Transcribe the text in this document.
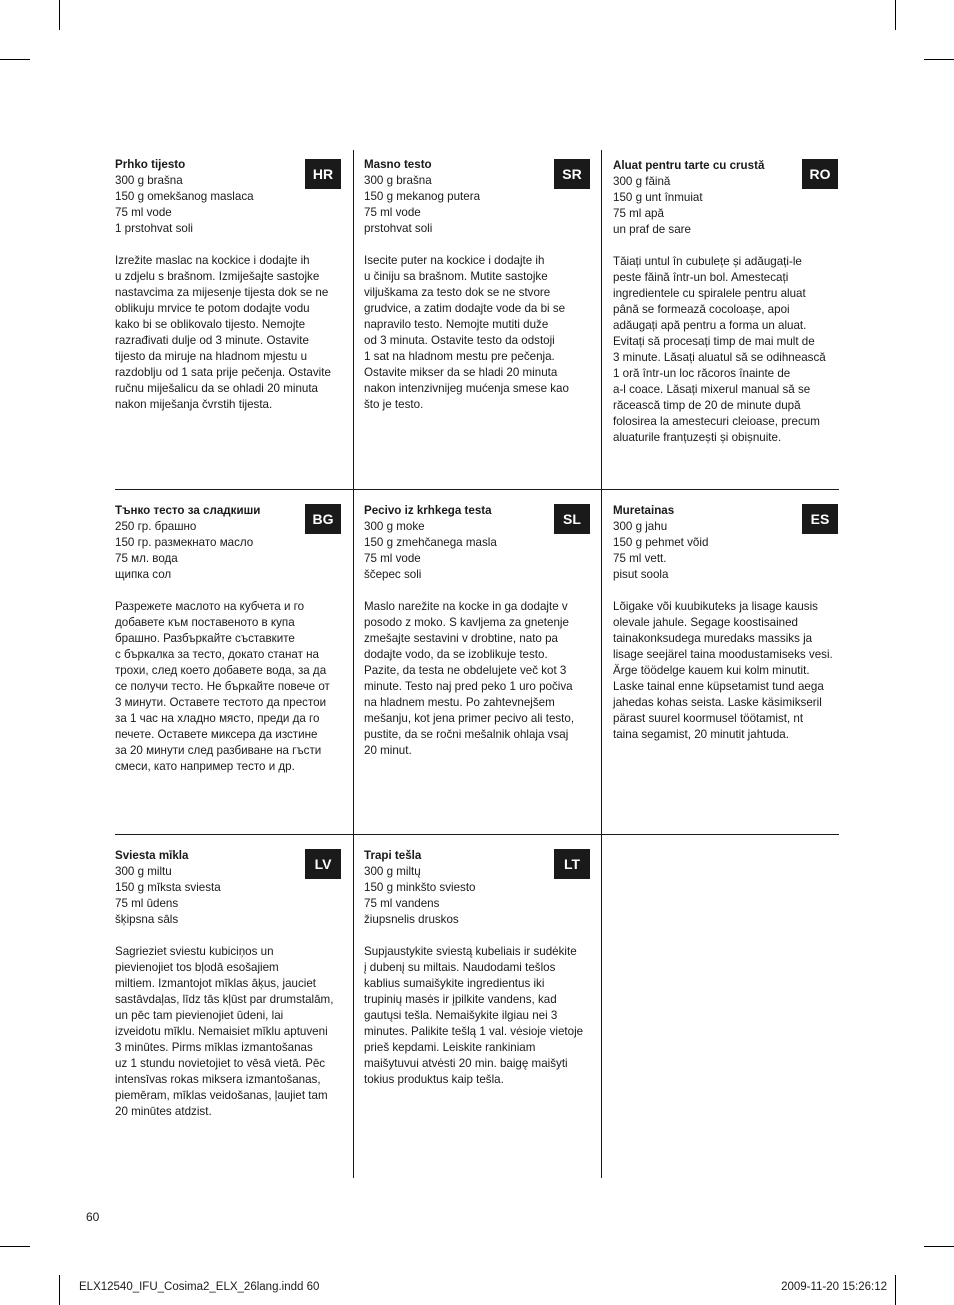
Prhko tijesto
300 g brašna
150 g omekšanog maslaca
75 ml vode
1 prstohvat soli
Izrežite maslac na kockice i dodajte ih
u zdjelu s brašnom. Izmiješajte sastojke
nastavcima za mijesenje tijesta dok se ne
oblikuju mrvice te potom dodajte vodu
kako bi se oblikovalo tijesto. Nemojte
razrađivati dulje od 3 minute. Ostavite
tijesto da miruje na hladnom mjestu u
razdoblju od 1 sata prije pečenja. Ostavite
ručnu miješalicu da se ohladi 20 minuta
nakon miješanja čvrstih tijesta.
Masno testo
300 g brašna
150 g mekanog putera
75 ml vode
prstohvat soli
Isecite puter na kockice i dodajte ih
u činiju sa brašnom. Mutite sastojke
viljuškama za testo dok se ne stvore
grudvice, a zatim dodajte vode da bi se
napravilo testo. Nemojte mutiti duže
od 3 minuta. Ostavite testo da odstoji
1 sat na hladnom mestu pre pečenja.
Ostavite mikser da se hladi 20 minuta
nakon intenzivnijeg mućenja smese kao
što je testo.
Aluat pentru tarte cu crustă
300 g făină
150 g unt înmuiat
75 ml apă
un praf de sare
Tăiați untul în cubulețe și adăugați-le
peste făină într-un bol. Amestecați
ingredientele cu spiralele pentru aluat
până se formează cocoloașe, apoi
adăugați apă pentru a forma un aluat.
Evitați să procesați timp de mai mult de
3 minute. Lăsați aluatul să se odihnească
1 oră într-un loc răcoros înainte de
a-l coace. Lăsați mixerul manual să se
răcească timp de 20 de minute după
folosirea la amestecuri cleioase, precum
aluaturile franțuzești și obișnuite.
Тънко тесто за сладкиши
250 гр. брашно
150 гр. размекнато масло
75 мл. вода
щипка сол
Разрежете маслото на кубчета и го
добавете към поставеното в купа
брашно. Разбъркайте съставките
с бъркалка за тесто, докато станат на
трохи, след което добавете вода, за да
се получи тесто. Не бъркайте повече от
3 минути. Оставете тестото да престои
за 1 час на хладно място, преди да го
печете. Оставете миксера да изстине
за 20 минути след разбиване на гъсти
смеси, като например тесто и др.
Pecivo iz krhkega testa
300 g moke
150 g zmehčanega masla
75 ml vode
ščepec soli
Maslo narežite na kocke in ga dodajte v
posodo z moko. S kavljema za gnetenje
zmešajte sestavini v drobtine, nato pa
dodajte vodo, da se izoblikuje testo.
Pazite, da testa ne obdelujete več kot 3
minute. Testo naj pred peko 1 uro počiva
na hladnem mestu. Po zahtevnejšem
mešanju, kot jena primer pecivo ali testo,
pustite, da se ročni mešalnik ohlaja vsaj
20 minut.
Muretainas
300 g jahu
150 g pehmet võid
75 ml vett.
pisut soola
Lõigake või kuubikuteks ja lisage kausis
olevale jahule. Segage koostisained
tainakonksudega muredaks massiks ja
lisage seejärel taina moodustamiseks vesi.
Ärge töödelge kauem kui kolm minutit.
Laske tainal enne küpsetamist tund aega
jahedas kohas seista. Laske käsimikseril
pärast suurel koormusel töötamist, nt
taina segamist, 20 minutit jahtuda.
Sviesta mīkla
300 g miltu
150 g mīksta sviesta
75 ml ūdens
šķipsna sāls
Sagrieziet sviestu kubiciņos un
pievienojiet tos bļodā esošajiem
miltiem. Izmantojot mīklas āķus, jauciet
sastāvdaļas, līdz tās kļūst par drumstalām,
un pēc tam pievienojiet ūdeni, lai
izveidotu mīklu. Nemaisiet mīklu aptuveni
3 minūtes. Pirms mīklas izmantošanas
uz 1 stundu novietojiet to vēsā vietā. Pēc
intensīvas rokas miksera izmantošanas,
piemēram, mīklas veidošanas, ļaujiet tam
20 minūtes atdzist.
Trapi tešla
300 g miltų
150 g minkšto sviesto
75 ml vandens
žiupsnelis druskos
Supjaustykite sviestą kubeliais ir sudėkite
į dubenį su miltais. Naudodami tešlos
kablius sumaišykite ingredientus iki
trupinių masės ir įpilkite vandens, kad
gautųsi tešla. Nemaišykite ilgiau nei 3
minutes. Palikite tešlą 1 val. vėsioje vietoje
prieš kepdami. Leiskite rankiniam
maišytuvui atvėsti 20 min. baigę maišyti
tokius produktus kaip tešla.
HR	SR	RO
BG	SL	ES
LV	LT
60
ELX12540_IFU_Cosima2_ELX_26lang.indd 60	2009-11-20 15:26:12
